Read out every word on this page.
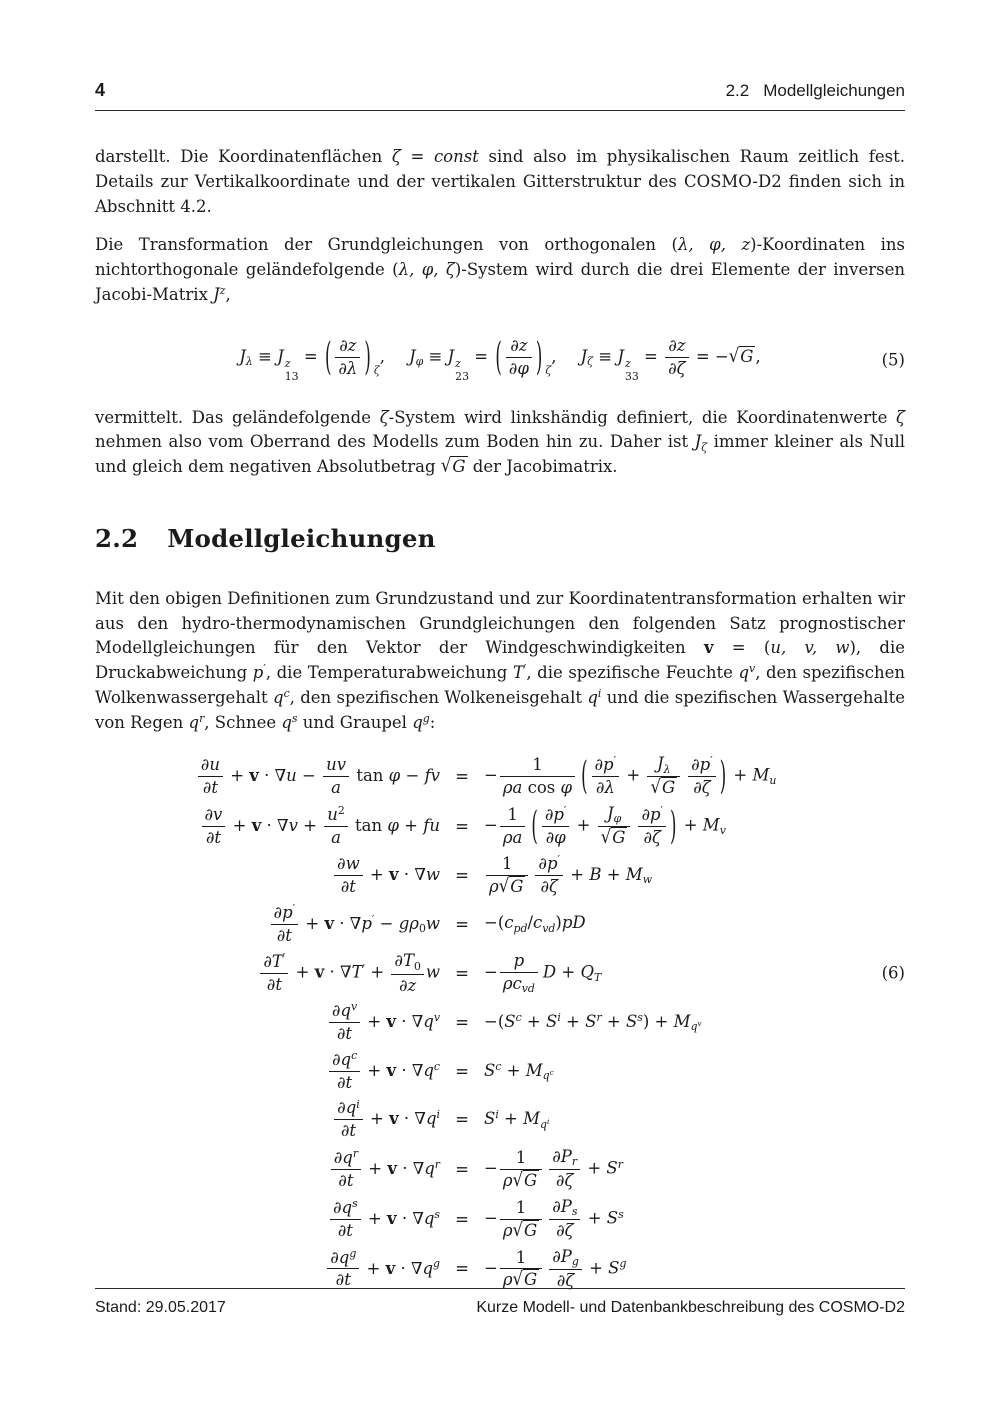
4	2.2 Modellgleichungen

darstellt. Die Koordinatenflächen ζ = const sind also im physikalischen Raum zeitlich fest. Details zur Vertikalkoordinate und der vertikalen Gitterstruktur des COSMO-D2 finden sich in Abschnitt 4.2.

Die Transformation der Grundgleichungen von orthogonalen (λ, φ, z)-Koordinaten ins nichtorthogonale geländefolgende (λ, φ, ζ)-System wird durch die drei Elemente der inversen Jacobi-Matrix Jz,

Jλ ≡ J z
13
= ( $\frac{\partial z}{\partial\lambda}$ ) ζ, Jφ ≡ J z
23
= ( $\frac{\partial z}{\partial\varphi}$ ) ζ, Jζ ≡ J z
33
= $\frac{\partial z}{\partial\zeta} = -√G$ ,	(5)

vermittelt. Das geländefolgende ζ-System wird linkshändig definiert, die Koordinatenwerte ζ nehmen also vom Oberrand des Modells zum Boden hin zu. Daher ist Jζ immer kleiner als Null und gleich dem negativen Absolutbetrag √G der Jacobimatrix.

2.2 Modellgleichungen

Mit den obigen Definitionen zum Grundzustand und zur Koordinatentransformation erhalten wir aus den hydro-thermodynamischen Grundgleichungen den folgenden Satz prognostischer Modellgleichungen für den Vektor der Windgeschwindigkeiten v = (u, v, w), die Druckabweichung p′, die Temperaturabweichung T′, die spezifische Feuchte qv, den spezifischen Wolkenwassergehalt qc, den spezifischen Wolkeneisgehalt qi und die spezifischen Wassergehalte von Regen qr, Schnee qs und Graupel qg:

$\frac{\partial u}{\partial t} + v \cdot \nabla u - \frac{uv}{a}$ tan φ − fv = − $\frac{1}{\text{ρa cos φ}}$ ( $\frac{\partial p'}{\partial\lambda} + \frac{J\lambda}{√G} \frac{\partial p'}{\partial\zeta}$ ) + Mu
$\frac{\partial v}{\partial t} + v \cdot \nabla v + \frac{u2}{a}$ tan φ + fu = − $\frac{1}{\rho a}$ ( $\frac{\partial p'}{\partial\varphi} + \frac{J\varphi}{√G} \frac{\partial p'}{\partial\zeta}$ ) + Mv
$\frac{\partial w}{\partial t} + v \cdot \nabla w$ =	$\frac{1}{\rho√G} \frac{\partial p'}{\partial\zeta} + B + Mw$
$\frac{\partial p'}{\partial t} + v \cdot \nabla p' - g\rho 0w = -(cpd/cvd)pD$
$\frac{\partial T'}{\partial t} + v \cdot \nabla T' + \frac{\partial T0}{\partial z}$ w = − $\frac{p}{\text{ρcvd}}$ D + QT	(6)
$\frac{\partial qv}{\partial t} + v \cdot \nabla qv = -(Sc + Si + Sr + Ss)$ + Mqv
$\frac{\partial qc}{\partial t} + v \cdot \nabla qc = Sc$ + Mqc
$\frac{\partial qi}{\partial t} + v \cdot \nabla qi = Si$ + Mqi
$\frac{\partial qr}{\partial t} + v \cdot \nabla qr$ = − $\frac{1}{\rho√G} \frac{\partial Pr}{\partial\zeta} + Sr$
$\frac{\partial qs}{\partial t} + v \cdot \nabla qs$ = − $\frac{1}{\rho√G} \frac{\partial Ps}{\partial\zeta} + Ss$
$\frac{\partial qg}{\partial t} + v \cdot \nabla qg$ = − $\frac{1}{\rho√G} \frac{\partial Pg}{\partial\zeta} + Sg$
Stand: 29.05.2017	Kurze Modell- und Datenbankbeschreibung des COSMO-D2
